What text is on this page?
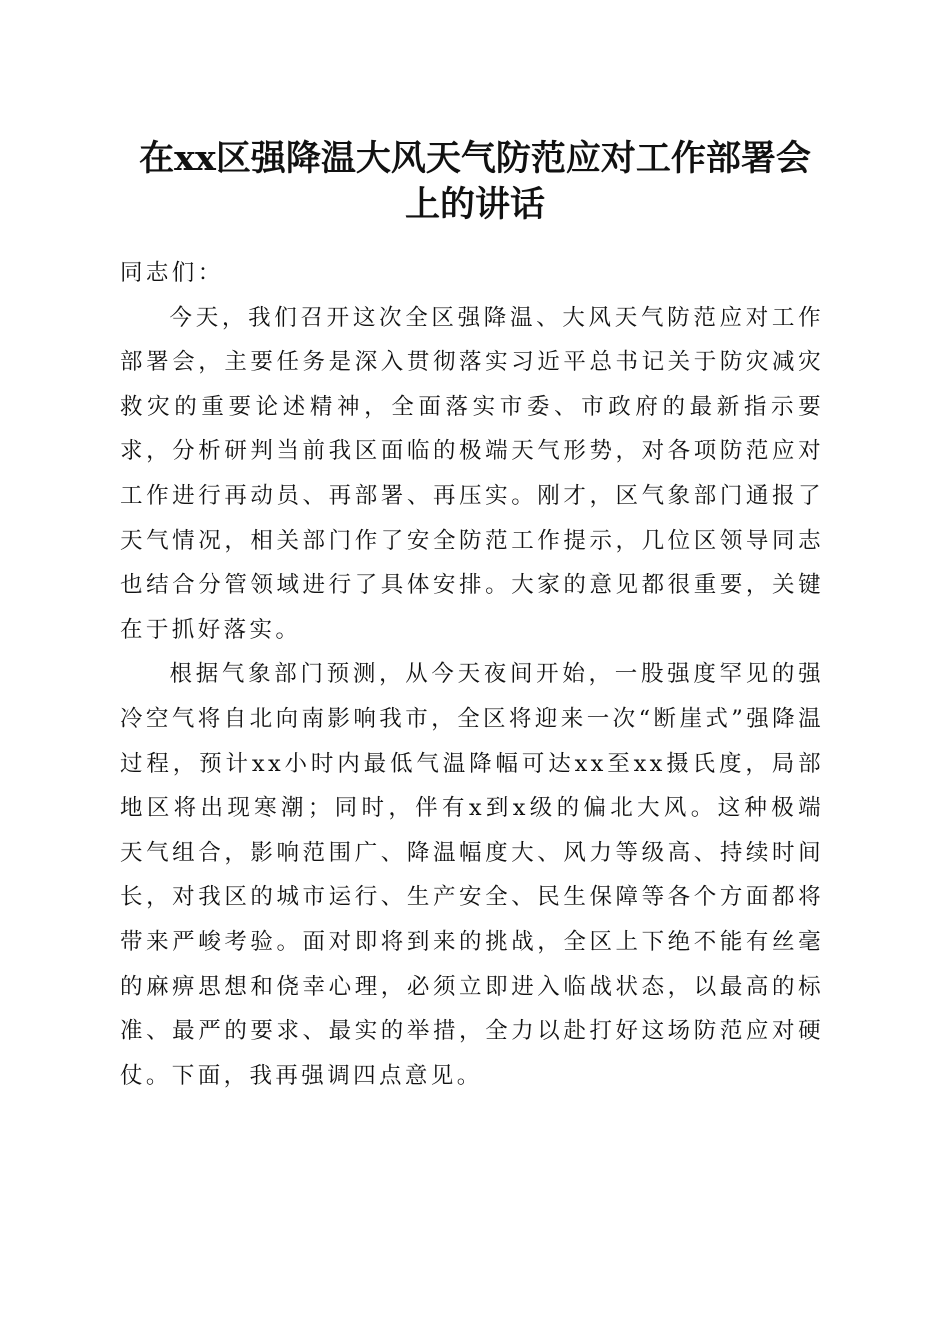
在xx区强降温大风天气防范应对工作部署会
上的讲话

同志们：

今天，我们召开这次全区强降温、大风天气防范应对工作部署会，主要任务是深入贯彻落实习近平总书记关于防灾减灾救灾的重要论述精神，全面落实市委、市政府的最新指示要求，分析研判当前我区面临的极端天气形势，对各项防范应对工作进行再动员、再部署、再压实。刚才，区气象部门通报了天气情况，相关部门作了安全防范工作提示，几位区领导同志也结合分管领域进行了具体安排。大家的意见都很重要，关键在于抓好落实。

根据气象部门预测，从今天夜间开始，一股强度罕见的强冷空气将自北向南影响我市，全区将迎来一次“断崖式”强降温过程，预计xx小时内最低气温降幅可达xx至xx摄氏度，局部地区将出现寒潮；同时，伴有x到x级的偏北大风。这种极端天气组合，影响范围广、降温幅度大、风力等级高、持续时间长，对我区的城市运行、生产安全、民生保障等各个方面都将带来严峻考验。面对即将到来的挑战，全区上下绝不能有丝毫的麻痹思想和侥幸心理，必须立即进入临战状态，以最高的标准、最严的要求、最实的举措，全力以赴打好这场防范应对硬仗。下面，我再强调四点意见。
